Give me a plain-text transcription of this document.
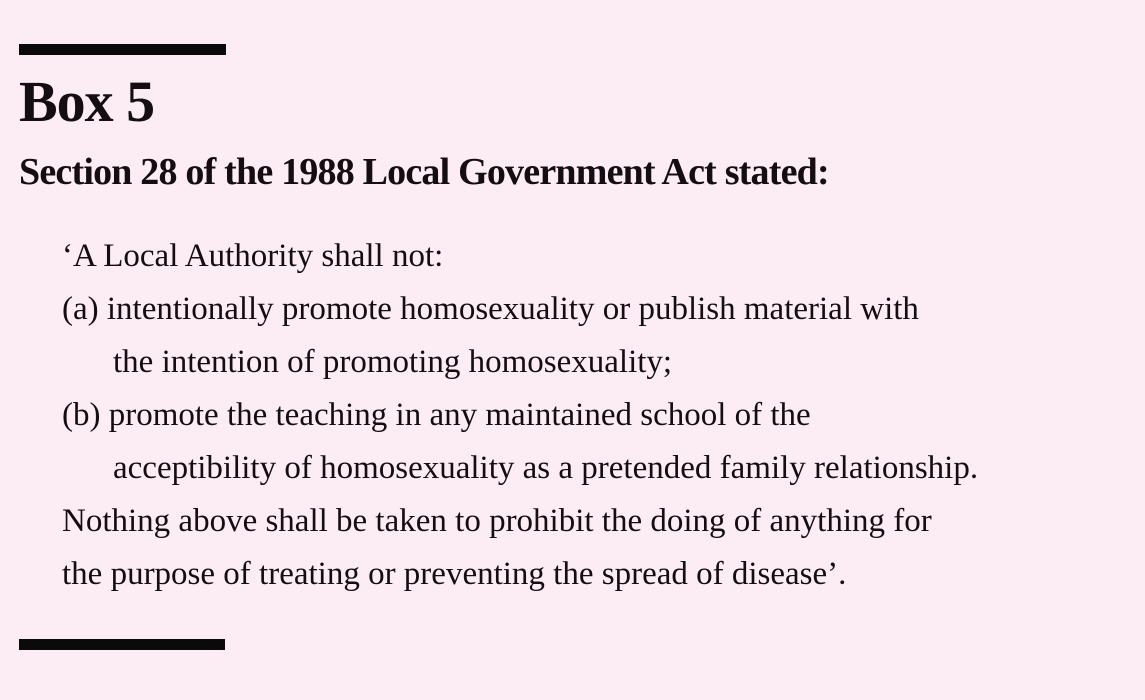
Box 5
Section 28 of the 1988 Local Government Act stated:
‘A Local Authority shall not:
(a) intentionally promote homosexuality or publish material with
the intention of promoting homosexuality;
(b) promote the teaching in any maintained school of the
acceptibility of homosexuality as a pretended family relationship.
Nothing above shall be taken to prohibit the doing of anything for
the purpose of treating or preventing the spread of disease’.
